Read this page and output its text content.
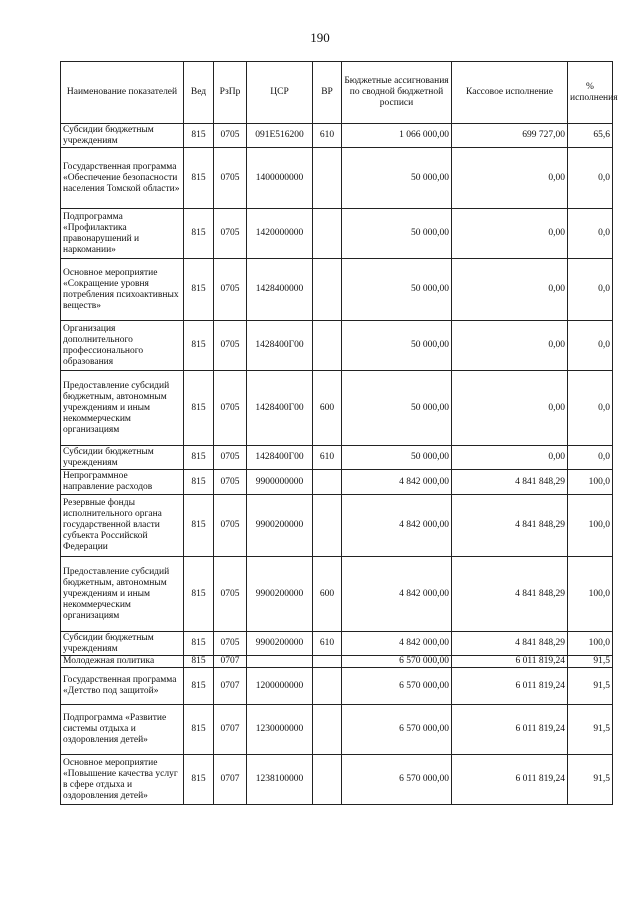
190
Наименование показателей	Вед	РзПр	ЦСР	ВР	Бюджетные ассигнования по сводной бюджетной росписи	Кассовое исполнение	% исполнения
Субсидии бюджетным учреждениям	815	0705	091E516200	610	1 066 000,00	699 727,00	65,6
Государственная программа «Обеспечение безопасности населения Томской области»	815	0705	1400000000		50 000,00	0,00	0,0
Подпрограмма «Профилактика правонарушений и наркомании»	815	0705	1420000000		50 000,00	0,00	0,0
Основное мероприятие «Сокращение уровня потребления психоактивных веществ»	815	0705	1428400000		50 000,00	0,00	0,0
Организация дополнительного профессионального образования	815	0705	1428400Г00		50 000,00	0,00	0,0
Предоставление субсидий бюджетным, автономным учреждениям и иным некоммерческим организациям	815	0705	1428400Г00	600	50 000,00	0,00	0,0
Субсидии бюджетным учреждениям	815	0705	1428400Г00	610	50 000,00	0,00	0,0
Непрограммное направление расходов	815	0705	9900000000		4 842 000,00	4 841 848,29	100,0
Резервные фонды исполнительного органа государственной власти субъекта Российской Федерации	815	0705	9900200000		4 842 000,00	4 841 848,29	100,0
Предоставление субсидий бюджетным, автономным учреждениям и иным некоммерческим организациям	815	0705	9900200000	600	4 842 000,00	4 841 848,29	100,0
Субсидии бюджетным учреждениям	815	0705	9900200000	610	4 842 000,00	4 841 848,29	100,0
Молодежная политика	815	0707			6 570 000,00	6 011 819,24	91,5
Государственная программа «Детство под защитой»	815	0707	1200000000		6 570 000,00	6 011 819,24	91,5
Подпрограмма «Развитие системы отдыха и оздоровления детей»	815	0707	1230000000		6 570 000,00	6 011 819,24	91,5
Основное мероприятие «Повышение качества услуг в сфере отдыха и оздоровления детей»	815	0707	1238100000		6 570 000,00	6 011 819,24	91,5
